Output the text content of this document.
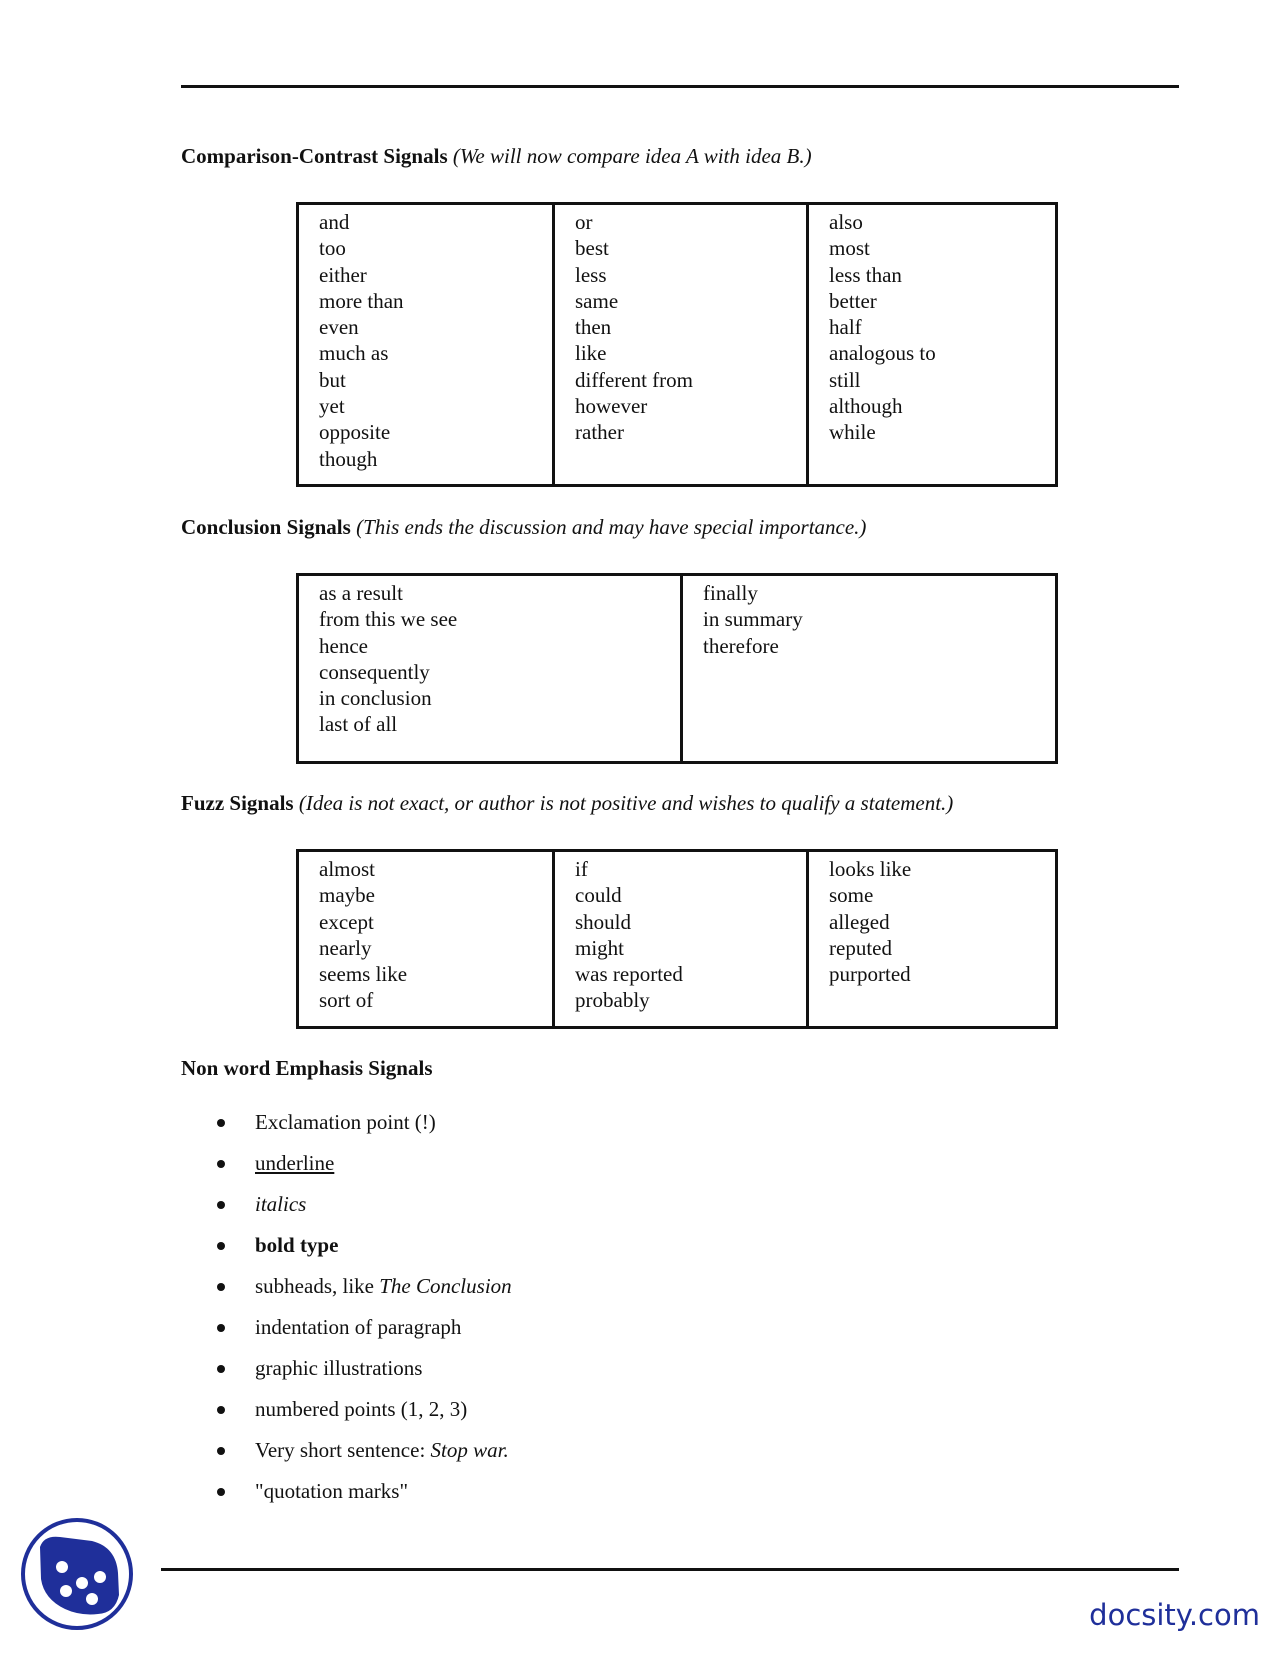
Comparison-Contrast Signals (We will now compare idea A with idea B.)
and
too
either
more than
even
much as
but
yet
opposite
though
or
best
less
same
then
like
different from
however
rather
also
most
less than
better
half
analogous to
still
although
while
Conclusion Signals (This ends the discussion and may have special importance.)
as a result
from this we see
hence
consequently
in conclusion
last of all
finally
in summary
therefore
Fuzz Signals (Idea is not exact, or author is not positive and wishes to qualify a statement.)
almost
maybe
except
nearly
seems like
sort of
if
could
should
might
was reported
probably
looks like
some
alleged
reputed
purported
Non word Emphasis Signals
Exclamation point (!)
underline
italics
bold type
subheads, like The Conclusion
indentation of paragraph
graphic illustrations
numbered points (1, 2, 3)
Very short sentence: Stop war.
"quotation marks"
docsity.com
